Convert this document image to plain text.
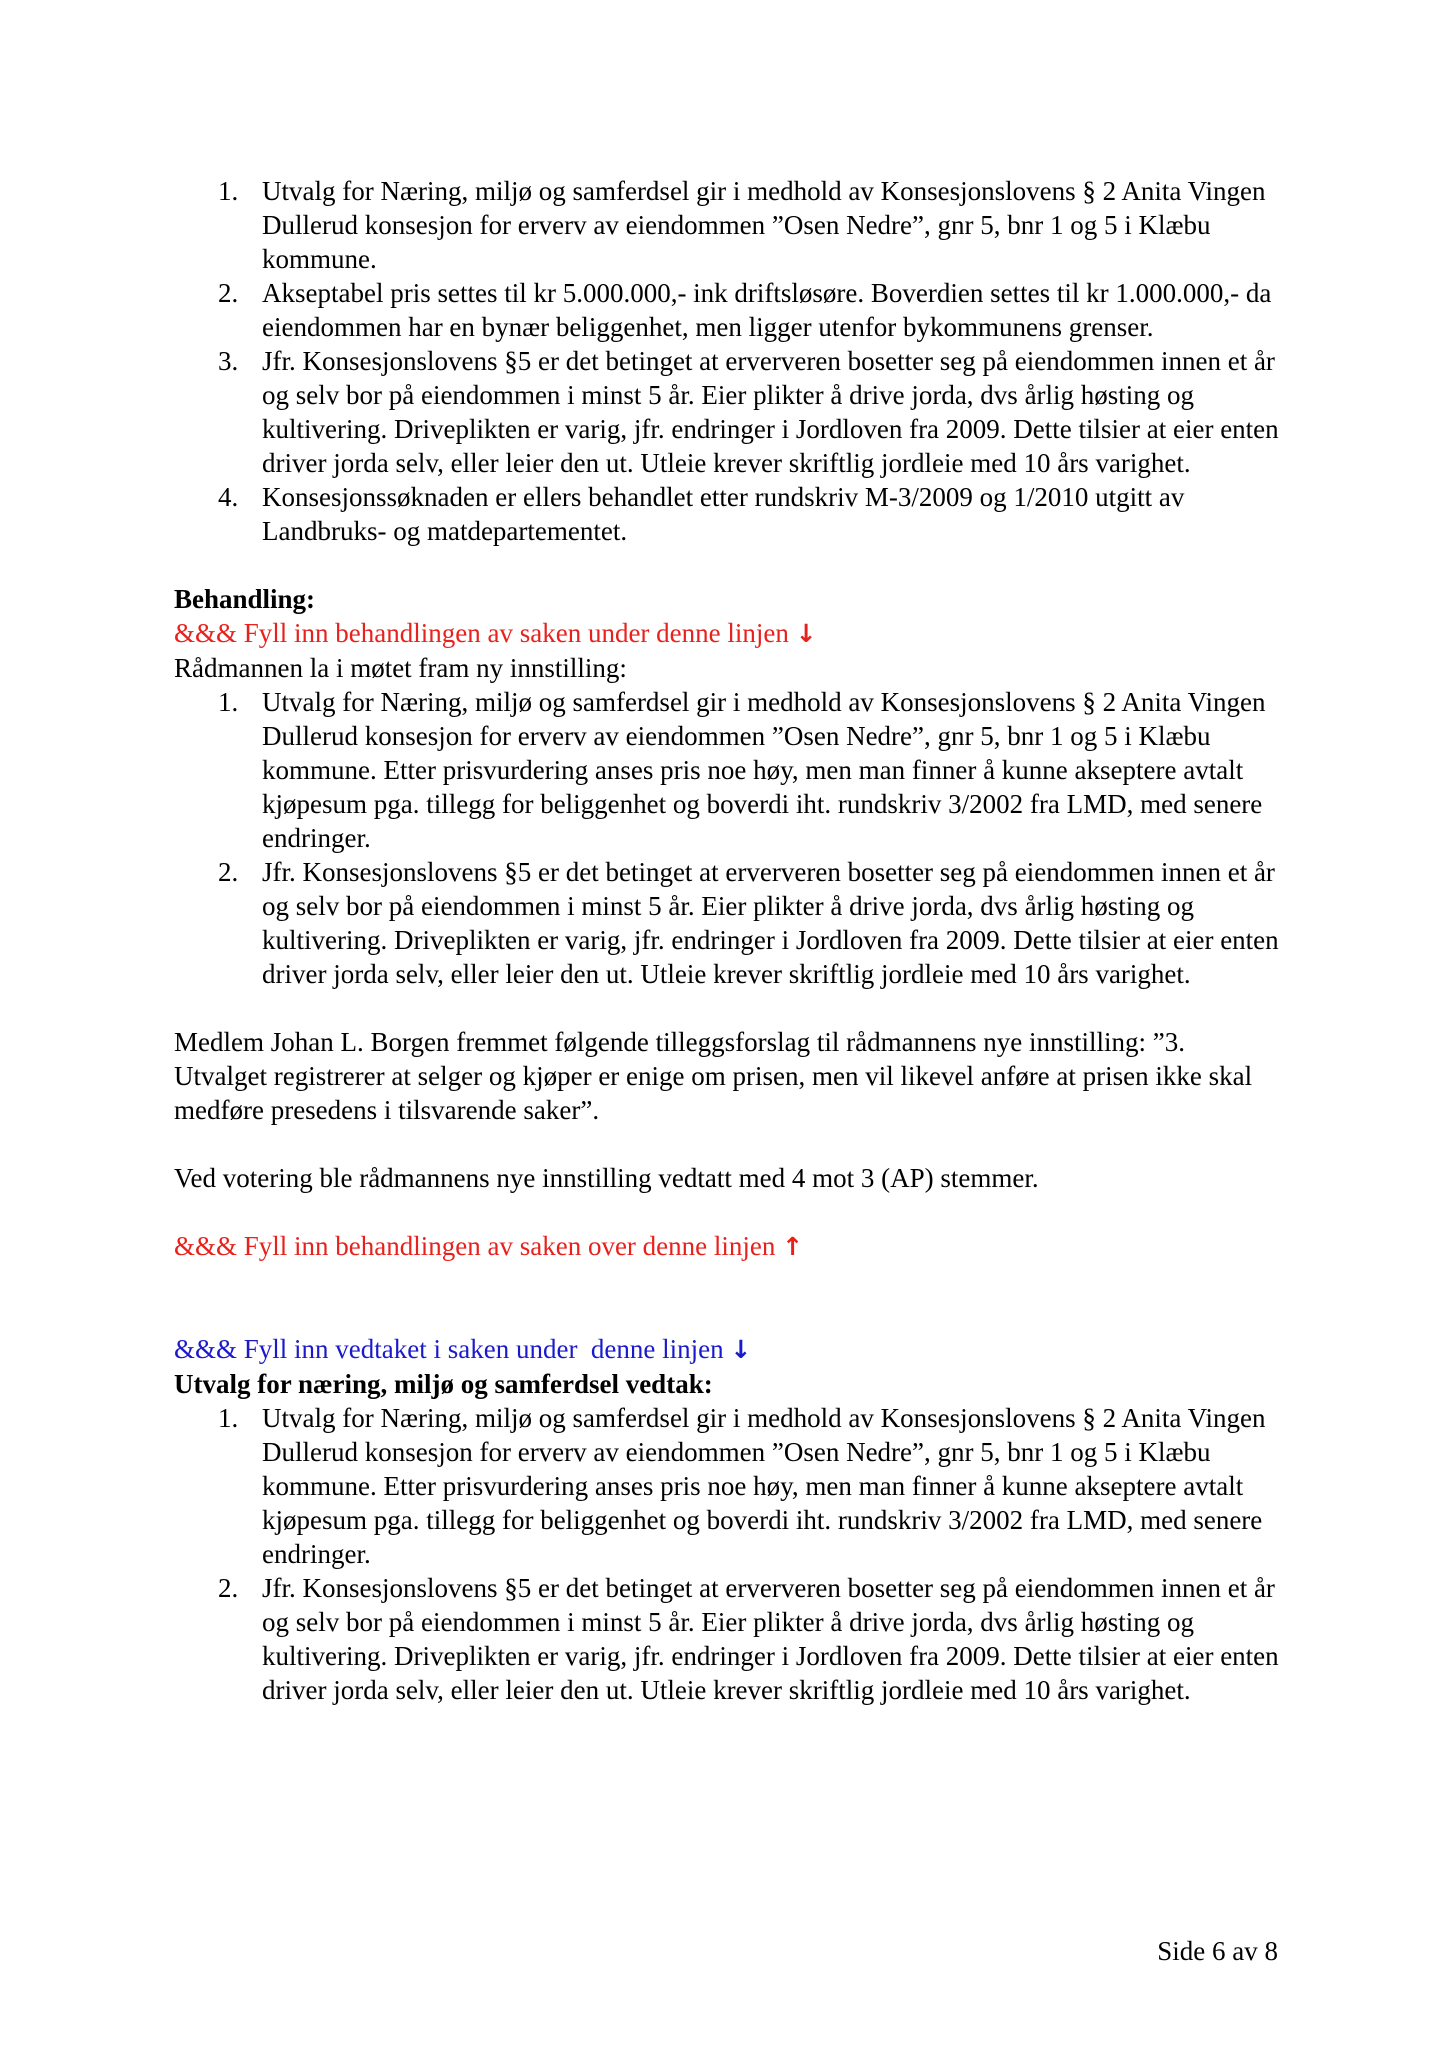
1. Utvalg for Næring, miljø og samferdsel gir i medhold av Konsesjonslovens § 2 Anita Vingen Dullerud konsesjon for erverv av eiendommen ”Osen Nedre”, gnr 5, bnr 1 og 5 i Klæbu kommune.
2. Akseptabel pris settes til kr 5.000.000,- ink driftsløsøre. Boverdien settes til kr 1.000.000,- da eiendommen har en bynær beliggenhet, men ligger utenfor bykommunens grenser.
3. Jfr. Konsesjonslovens §5 er det betinget at erververen bosetter seg på eiendommen innen et år og selv bor på eiendommen i minst 5 år. Eier plikter å drive jorda, dvs årlig høsting og kultivering. Driveplikten er varig, jfr. endringer i Jordloven fra 2009. Dette tilsier at eier enten driver jorda selv, eller leier den ut. Utleie krever skriftlig jordleie med 10 års varighet.
4. Konsesjonssøknaden er ellers behandlet etter rundskriv M-3/2009 og 1/2010 utgitt av Landbruks- og matdepartementet.

Behandling:

&&& Fyll inn behandlingen av saken under denne linjen ↓

Rådmannen la i møtet fram ny innstilling:

1. Utvalg for Næring, miljø og samferdsel gir i medhold av Konsesjonslovens § 2 Anita Vingen Dullerud konsesjon for erverv av eiendommen ”Osen Nedre”, gnr 5, bnr 1 og 5 i Klæbu kommune. Etter prisvurdering anses pris noe høy, men man finner å kunne akseptere avtalt kjøpesum pga. tillegg for beliggenhet og boverdi iht. rundskriv 3/2002 fra LMD, med senere endringer.
2. Jfr. Konsesjonslovens §5 er det betinget at erververen bosetter seg på eiendommen innen et år og selv bor på eiendommen i minst 5 år. Eier plikter å drive jorda, dvs årlig høsting og kultivering. Driveplikten er varig, jfr. endringer i Jordloven fra 2009. Dette tilsier at eier enten driver jorda selv, eller leier den ut. Utleie krever skriftlig jordleie med 10 års varighet.

Medlem Johan L. Borgen fremmet følgende tilleggsforslag til rådmannens nye innstilling: ”3. Utvalget registrerer at selger og kjøper er enige om prisen, men vil likevel anføre at prisen ikke skal medføre presedens i tilsvarende saker”.

Ved votering ble rådmannens nye innstilling vedtatt med 4 mot 3 (AP) stemmer.

&&& Fyll inn behandlingen av saken over denne linjen ↑

&&& Fyll inn vedtaket i saken under  denne linjen ↓

Utvalg for næring, miljø og samferdsel vedtak:

1. Utvalg for Næring, miljø og samferdsel gir i medhold av Konsesjonslovens § 2 Anita Vingen Dullerud konsesjon for erverv av eiendommen ”Osen Nedre”, gnr 5, bnr 1 og 5 i Klæbu kommune. Etter prisvurdering anses pris noe høy, men man finner å kunne akseptere avtalt kjøpesum pga. tillegg for beliggenhet og boverdi iht. rundskriv 3/2002 fra LMD, med senere endringer.
2. Jfr. Konsesjonslovens §5 er det betinget at erververen bosetter seg på eiendommen innen et år og selv bor på eiendommen i minst 5 år. Eier plikter å drive jorda, dvs årlig høsting og kultivering. Driveplikten er varig, jfr. endringer i Jordloven fra 2009. Dette tilsier at eier enten driver jorda selv, eller leier den ut. Utleie krever skriftlig jordleie med 10 års varighet.
Side 6 av 8
